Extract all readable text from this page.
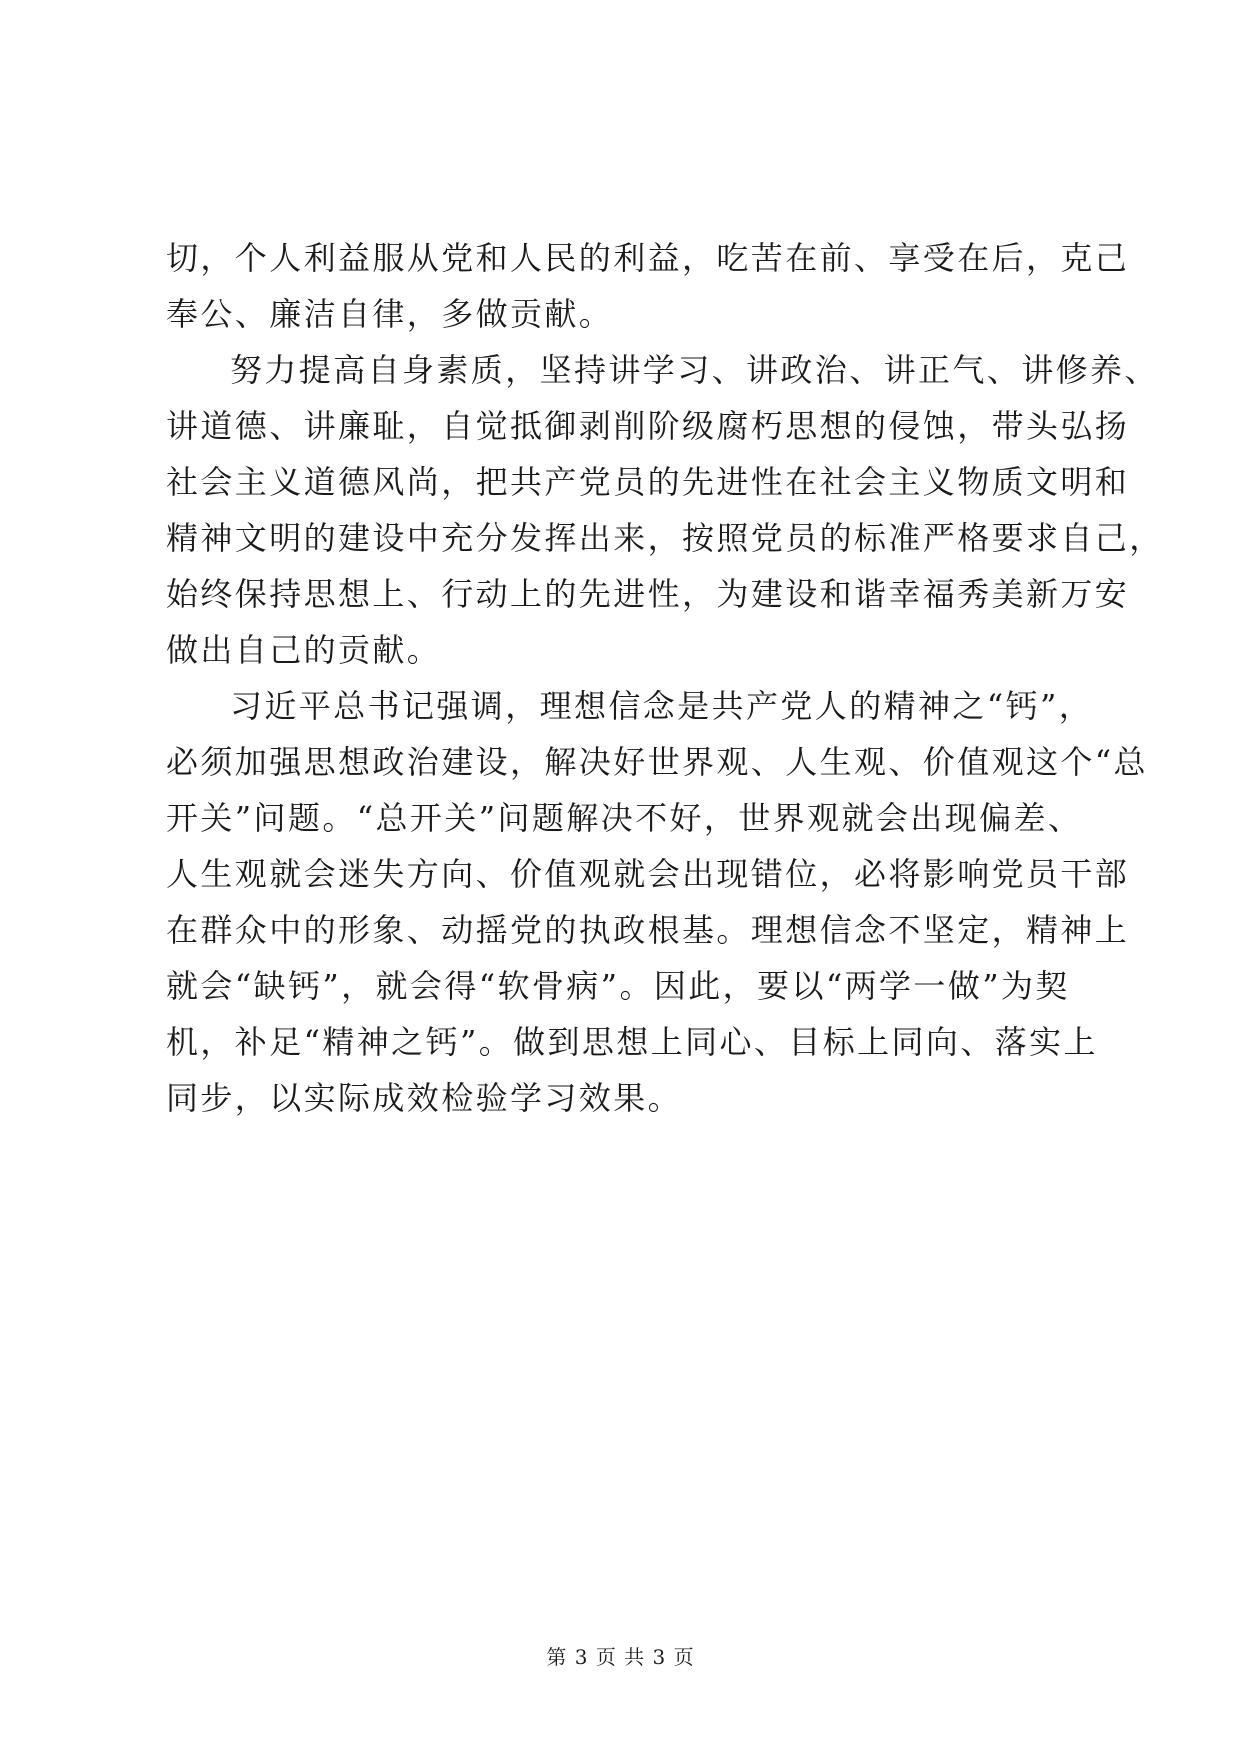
切，个人利益服从党和人民的利益，吃苦在前、享受在后，克己
奉公、廉洁自律，多做贡献。
努力提高自身素质，坚持讲学习、讲政治、讲正气、讲修养、
讲道德、讲廉耻，自觉抵御剥削阶级腐朽思想的侵蚀，带头弘扬
社会主义道德风尚，把共产党员的先进性在社会主义物质文明和
精神文明的建设中充分发挥出来，按照党员的标准严格要求自己，
始终保持思想上、行动上的先进性，为建设和谐幸福秀美新万安
做出自己的贡献。
习近平总书记强调，理想信念是共产党人的精神之“钙”，
必须加强思想政治建设，解决好世界观、人生观、价值观这个“总
开关”问题。“总开关”问题解决不好，世界观就会出现偏差、
人生观就会迷失方向、价值观就会出现错位，必将影响党员干部
在群众中的形象、动摇党的执政根基。理想信念不坚定，精神上
就会“缺钙”，就会得“软骨病”。因此，要以“两学一做”为契
机，补足“精神之钙”。做到思想上同心、目标上同向、落实上
同步，以实际成效检验学习效果。
第 3 页 共 3 页
